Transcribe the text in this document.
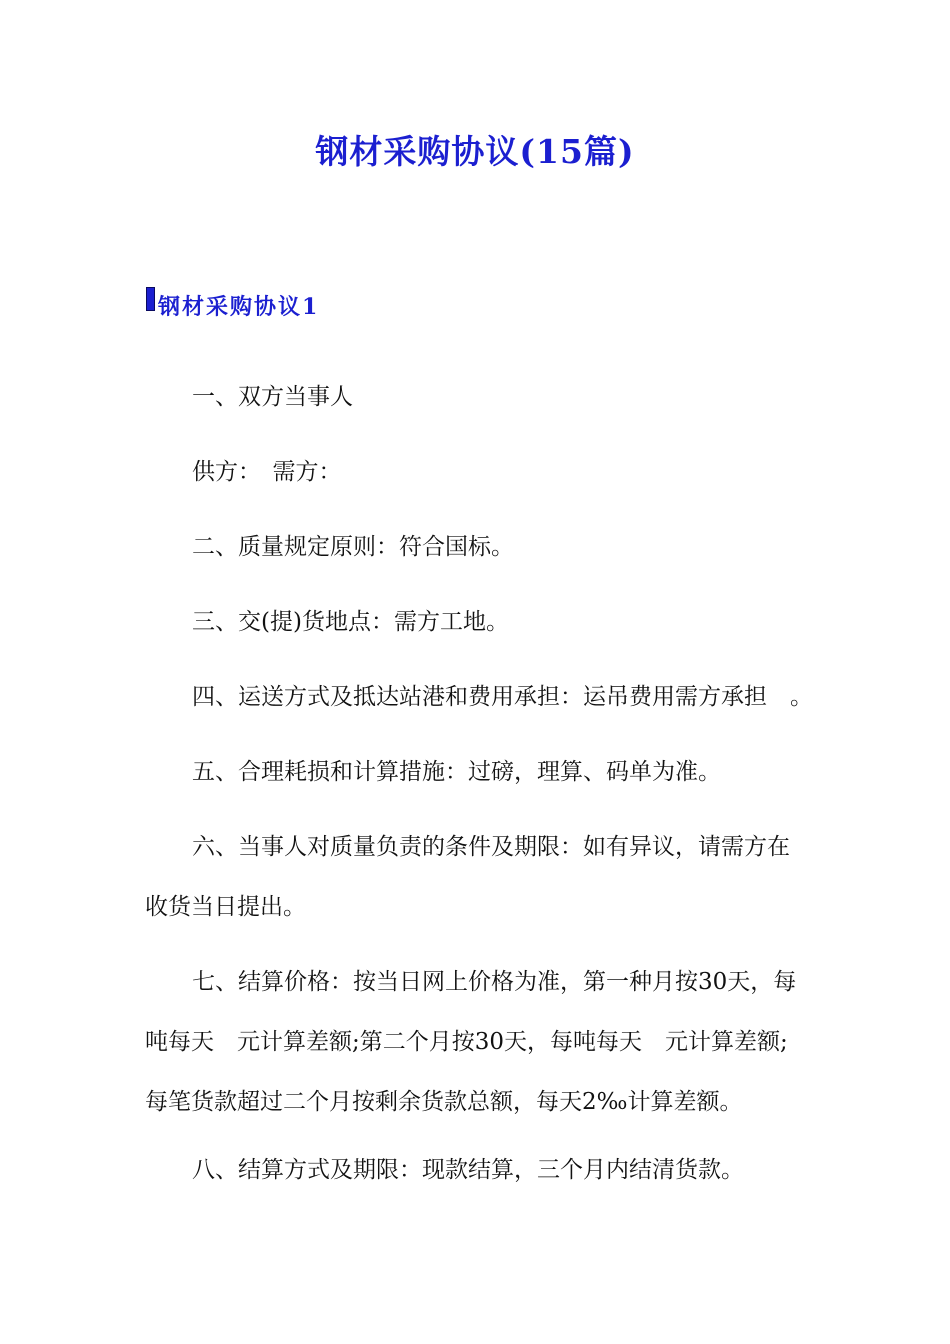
钢材采购协议(15篇)
钢材采购协议1

一、双方当事人

供方：　需方：

二、质量规定原则：符合国标。

三、交(提)货地点：需方工地。

四、运送方式及抵达站港和费用承担：运吊费用需方承担　。

五、合理耗损和计算措施：过磅，理算、码单为准。

六、当事人对质量负责的条件及期限：如有异议，请需方在
收货当日提出。

七、结算价格：按当日网上价格为准，第一种月按30天，每
吨每天　元计算差额;第二个月按30天，每吨每天　元计算差额;
每笔货款超过二个月按剩余货款总额，每天2‰计算差额。

八、结算方式及期限：现款结算，三个月内结清货款。
